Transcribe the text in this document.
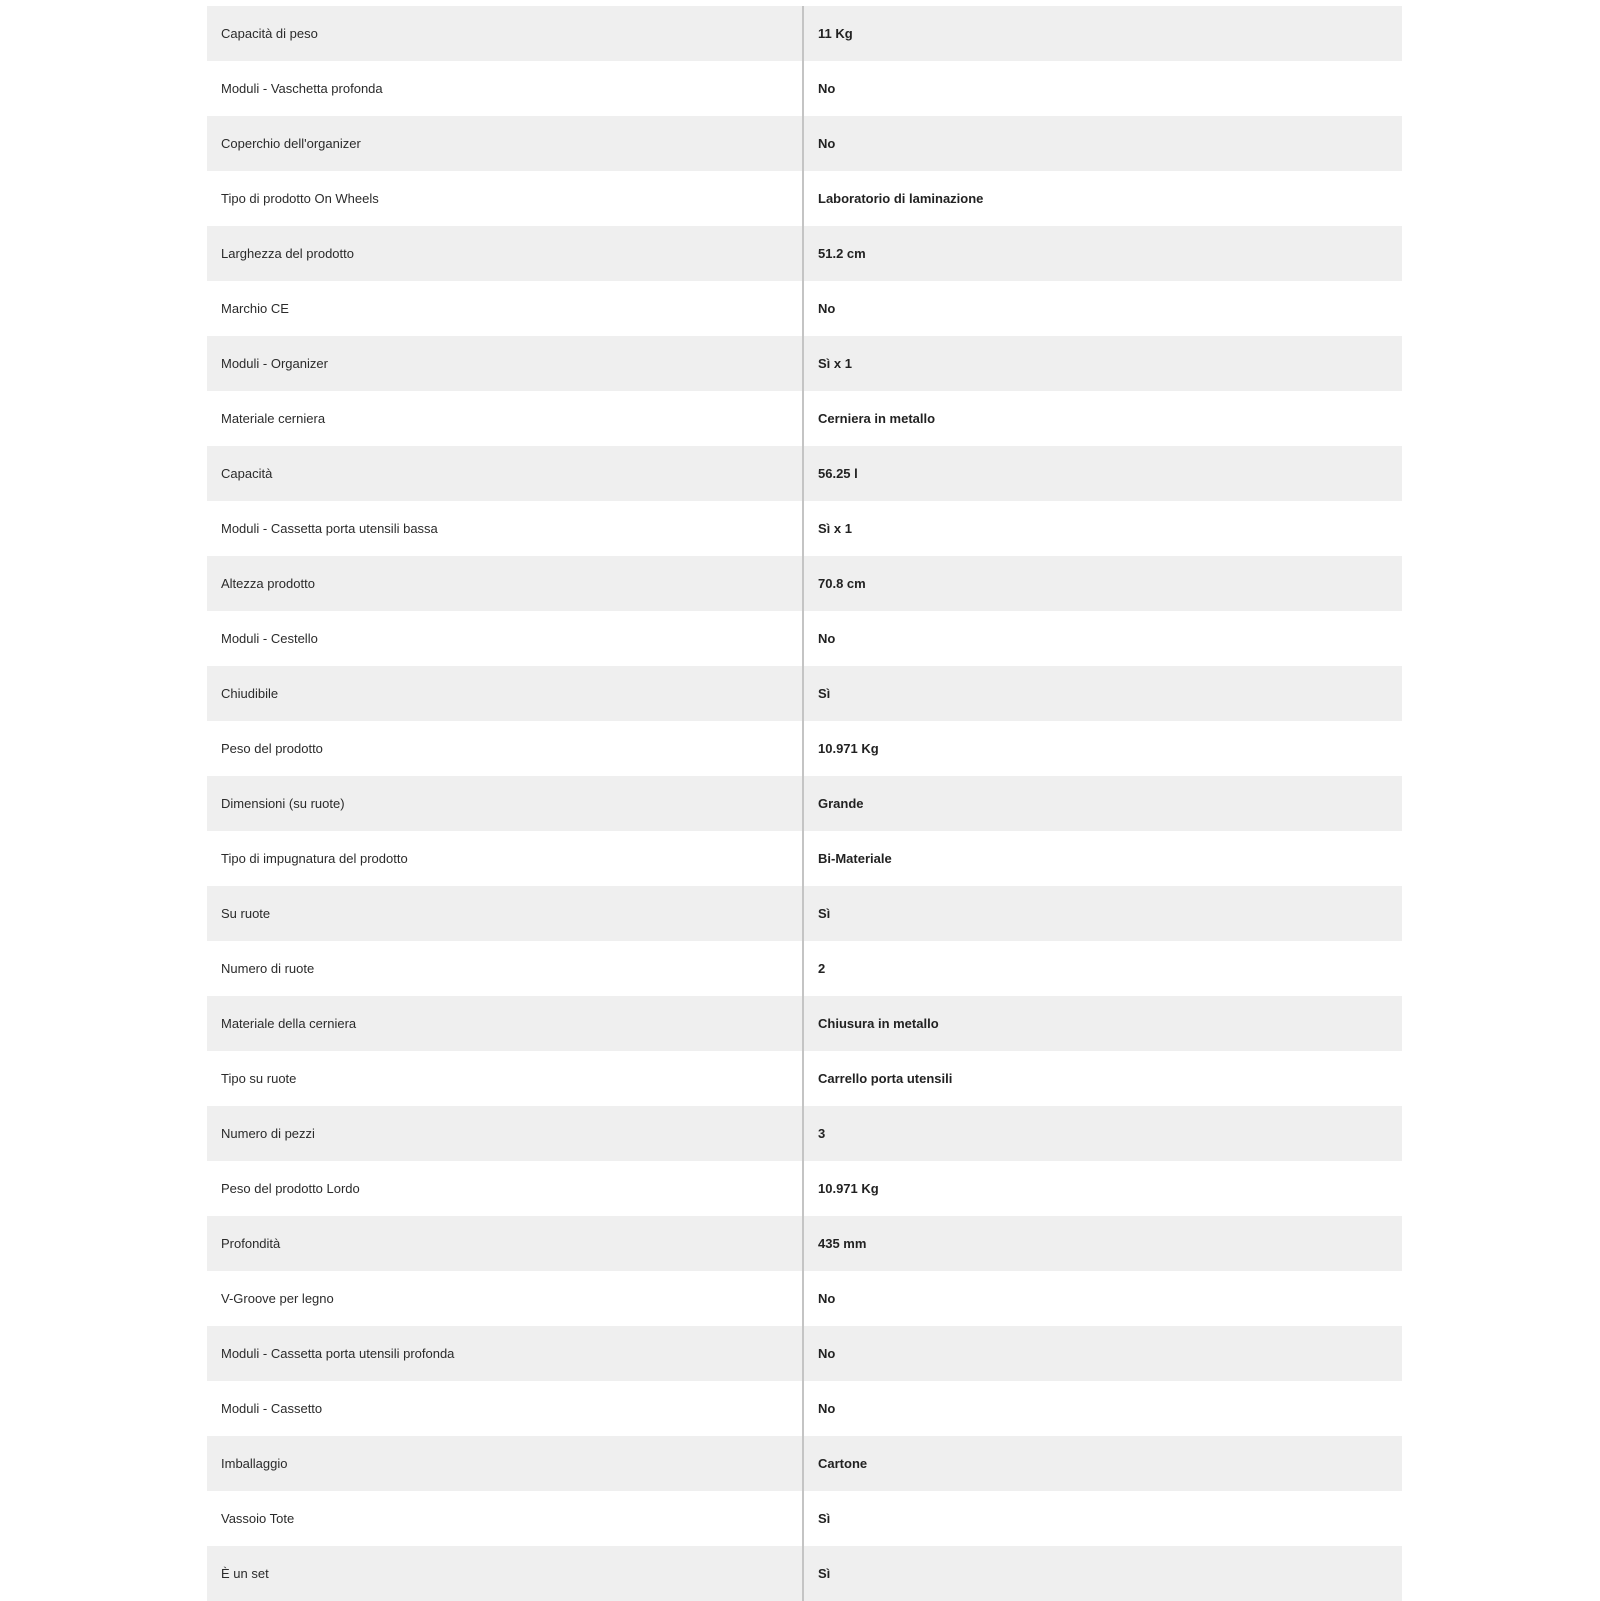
Capacità di peso	11 Kg
Moduli - Vaschetta profonda	No
Coperchio dell'organizer	No
Tipo di prodotto On Wheels	Laboratorio di laminazione
Larghezza del prodotto	51.2 cm
Marchio CE	No
Moduli - Organizer	Sì x 1
Materiale cerniera	Cerniera in metallo
Capacità	56.25 l
Moduli - Cassetta porta utensili bassa	Sì x 1
Altezza prodotto	70.8 cm
Moduli - Cestello	No
Chiudibile	Sì
Peso del prodotto	10.971 Kg
Dimensioni (su ruote)	Grande
Tipo di impugnatura del prodotto	Bi-Materiale
Su ruote	Sì
Numero di ruote	2
Materiale della cerniera	Chiusura in metallo
Tipo su ruote	Carrello porta utensili
Numero di pezzi	3
Peso del prodotto Lordo	10.971 Kg
Profondità	435 mm
V-Groove per legno	No
Moduli - Cassetta porta utensili profonda	No
Moduli - Cassetto	No
Imballaggio	Cartone
Vassoio Tote	Sì
È un set	Sì
